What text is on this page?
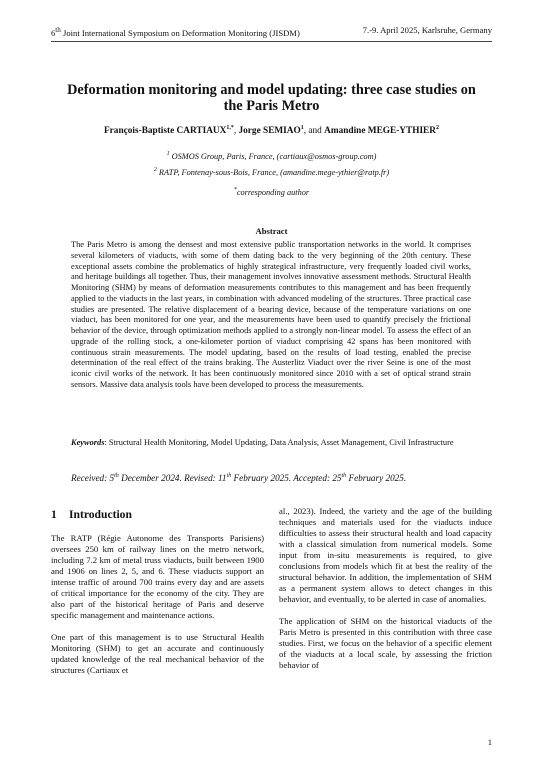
6th Joint International Symposium on Deformation Monitoring (JISDM)	7.-9. April 2025, Karlsruhe, Germany
Deformation monitoring and model updating: three case studies on the Paris Metro
François-Baptiste $CARTIAUX^{1,*}$, Jorge SEMIAO$^1$, and Amandine MEGE-YTHIER$^2$
$^1$ OSMOS Group, Paris, France, (cartiaux@osmos-group.com)
$^2$ RATP, Fontenay-sous-Bois, France, (amandine.mege-ythier@ratp.fr)
*corresponding author
Abstract
The Paris Metro is among the densest and most extensive public transportation networks in the world. It comprises several kilometers of viaducts, with some of them dating back to the very beginning of the 20th century. These exceptional assets combine the problematics of highly strategical infrastructure, very frequently loaded civil works, and heritage buildings all together. Thus, their management involves innovative assessment methods. Structural Health Monitoring (SHM) by means of deformation measurements contributes to this management and has been frequently applied to the viaducts in the last years, in combination with advanced modeling of the structures. Three practical case studies are presented. The relative displacement of a bearing device, because of the temperature variations on one viaduct, has been monitored for one year, and the measurements have been used to quantify precisely the frictional behavior of the device, through optimization methods applied to a strongly non-linear model. To assess the effect of an upgrade of the rolling stock, a one-kilometer portion of viaduct comprising 42 spans has been monitored with continuous strain measurements. The model updating, based on the results of load testing, enabled the precise determination of the real effect of the trains braking. The Austerlitz Viaduct over the river Seine is one of the most iconic civil works of the network. It has been continuously monitored since 2010 with a set of optical strand strain sensors. Massive data analysis tools have been developed to process the measurements.
Keywords: Structural Health Monitoring, Model Updating, Data Analysis, Asset Management, Civil Infrastructure
Received: 5th December 2024. Revised: 11th February 2025. Accepted: 25th February 2025.
1 Introduction

The RATP (Régie Autonome des Transports Parisiens) oversees 250 km of railway lines on the metro network, including 7.2 km of metal truss viaducts, built between 1900 and 1906 on lines 2, 5, and 6. These viaducts support an intense traffic of around 700 trains every day and are assets of critical importance for the economy of the city. They are also part of the historical heritage of Paris and deserve specific management and maintenance actions.

One part of this management is to use Structural Health Monitoring (SHM) to get an accurate and continuously updated knowledge of the real mechanical behavior of the structures (Cartiaux et

al., 2023). Indeed, the variety and the age of the building techniques and materials used for the viaducts induce difficulties to assess their structural health and load capacity with a classical simulation from numerical models. Some input from in-situ measurements is required, to give conclusions from models which fit at best the reality of the structural behavior. In addition, the implementation of SHM as a permanent system allows to detect changes in this behavior, and eventually, to be alerted in case of anomalies.

The application of SHM on the historical viaducts of the Paris Metro is presented in this contribution with three case studies. First, we focus on the behavior of a specific element of the viaducts at a local scale, by assessing the friction behavior of

1
